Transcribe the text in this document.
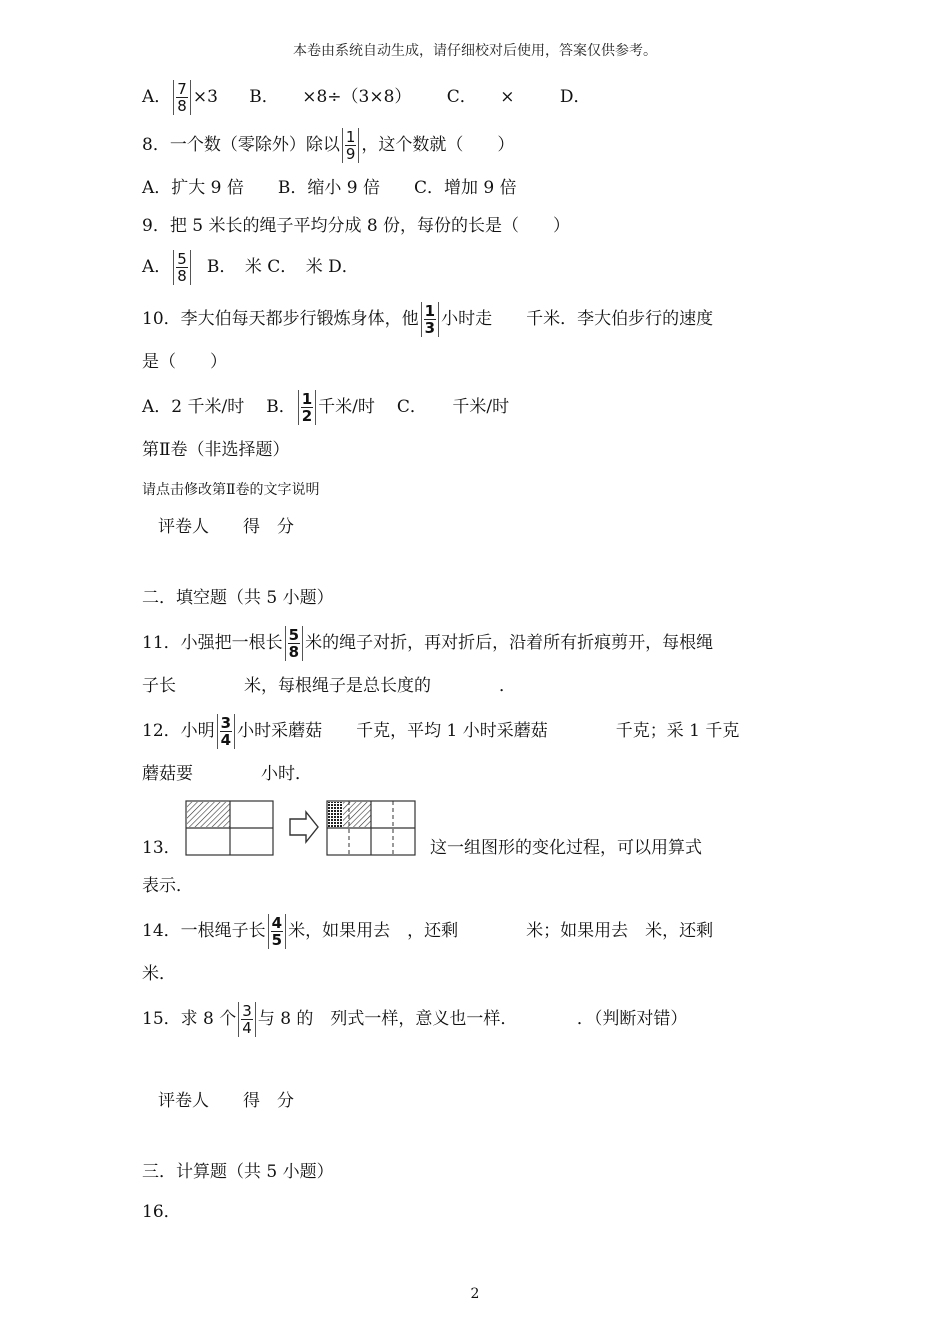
本卷由系统自动生成，请仔细校对后使用，答案仅供参考。
A． $\frac{7}{8} \times 3$ B． ×8÷（3×8） C． ×	D．
8．一个数（零除外）除以 $\frac{1}{9}$ ，这个数就（　　）
A．扩大 9 倍　　B．缩小 9 倍　　C．增加 9 倍
9．把 5 米长的绳子平均分成 8 份，每份的长是（　　）
A． $\frac{5}{8}$ B．　米 C．　米 D．
10．李大伯每天都步行锻炼身体，他 $\frac{1}{3}$ 小时走　　千米．李大伯步行的速度
是（　　）
A．2 千米/时 B． $\frac{1}{2}$ 千米/时 C．　　千米/时
第Ⅱ卷（非选择题）
请点击修改第Ⅱ卷的文字说明
评卷人　　得　分
二．填空题（共 5 小题）
11．小强把一根长 $\frac{5}{8}$ 米的绳子对折，再对折后，沿着所有折痕剪开，每根绳
子长　　　　米，每根绳子是总长度的　　　　．
12．小明 $\frac{3}{4}$ 小时采蘑菇　　千克，平均 1 小时采蘑菇　　　　千克；采 1 千克
蘑菇要　　　　小时．
13．	这一组图形的变化过程，可以用算式
表示．
14．一根绳子长 $\frac{4}{5}$ 米，如果用去　，还剩　　　　米；如果用去　米，还剩
米．
15．求 8 个 $\frac{3}{4}$ 与 8 的　列式一样，意义也一样．　　　　．（判断对错）
评卷人　　得　分
三．计算题（共 5 小题）
16．
2
